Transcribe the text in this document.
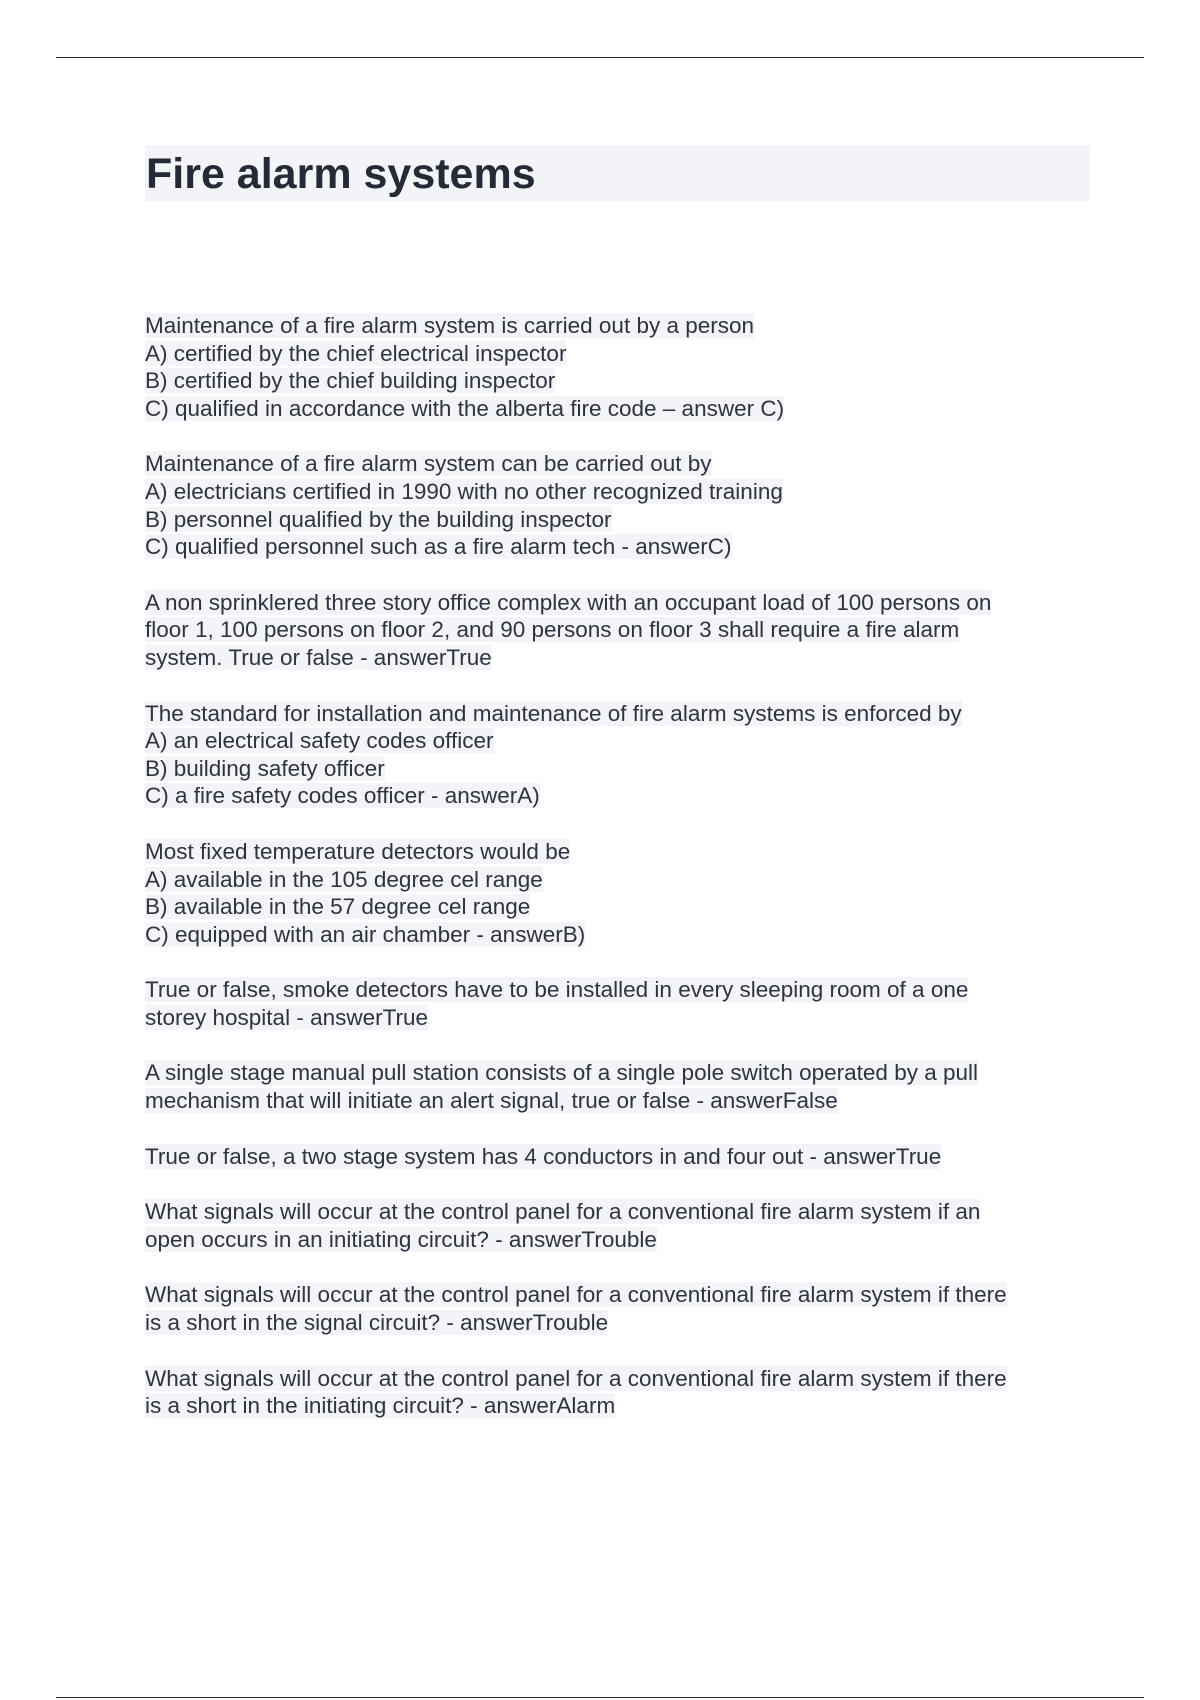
Fire alarm systems

Maintenance of a fire alarm system is carried out by a person
A) certified by the chief electrical inspector
B) certified by the chief building inspector
C) qualified in accordance with the alberta fire code – answer C)

Maintenance of a fire alarm system can be carried out by
A) electricians certified in 1990 with no other recognized training
B) personnel qualified by the building inspector
C) qualified personnel such as a fire alarm tech - answerC)

A non sprinklered three story office complex with an occupant load of 100 persons on
floor 1, 100 persons on floor 2, and 90 persons on floor 3 shall require a fire alarm
system. True or false - answerTrue

The standard for installation and maintenance of fire alarm systems is enforced by
A) an electrical safety codes officer
B) building safety officer
C) a fire safety codes officer - answerA)

Most fixed temperature detectors would be
A) available in the 105 degree cel range
B) available in the 57 degree cel range
C) equipped with an air chamber - answerB)

True or false, smoke detectors have to be installed in every sleeping room of a one
storey hospital - answerTrue

A single stage manual pull station consists of a single pole switch operated by a pull
mechanism that will initiate an alert signal, true or false - answerFalse

True or false, a two stage system has 4 conductors in and four out - answerTrue

What signals will occur at the control panel for a conventional fire alarm system if an
open occurs in an initiating circuit? - answerTrouble

What signals will occur at the control panel for a conventional fire alarm system if there
is a short in the signal circuit? - answerTrouble

What signals will occur at the control panel for a conventional fire alarm system if there
is a short in the initiating circuit? - answerAlarm
